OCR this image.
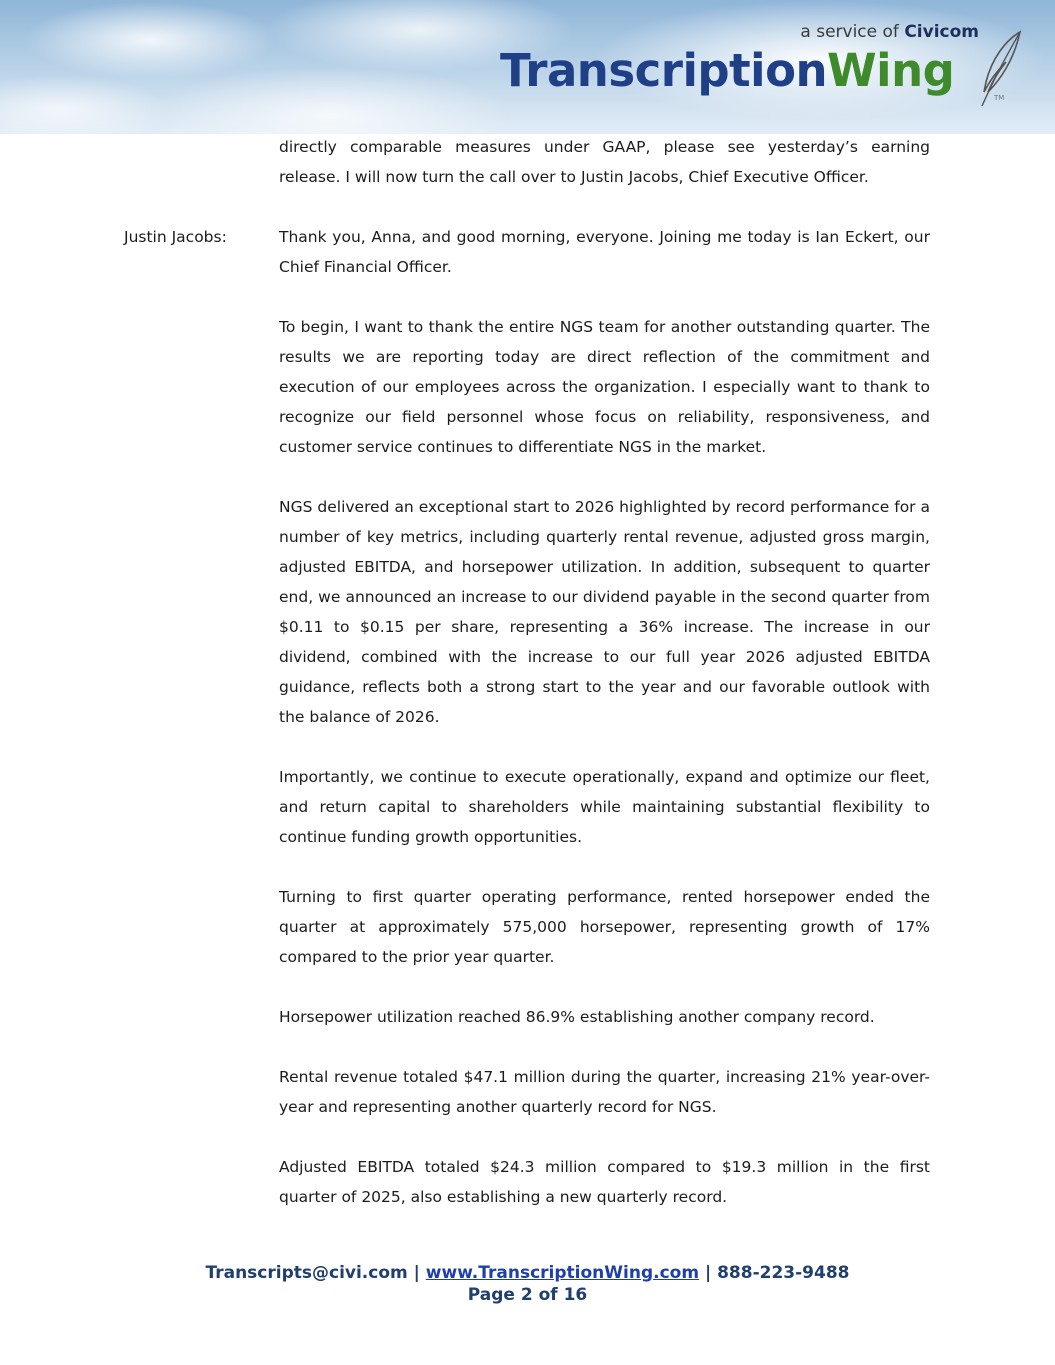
a service of Civicom
TranscriptionWing
TM
directly comparable measures under GAAP, please see yesterday’s earning release. I will now turn the call over to Justin Jacobs, Chief Executive Officer.
Justin Jacobs:	Thank you, Anna, and good morning, everyone. Joining me today is Ian Eckert, our Chief Financial Officer.
To begin, I want to thank the entire NGS team for another outstanding quarter. The results we are reporting today are direct reflection of the commitment and execution of our employees across the organization. I especially want to thank to recognize our field personnel whose focus on reliability, responsiveness, and customer service continues to differentiate NGS in the market.
NGS delivered an exceptional start to 2026 highlighted by record performance for a number of key metrics, including quarterly rental revenue, adjusted gross margin, adjusted EBITDA, and horsepower utilization. In addition, subsequent to quarter end, we announced an increase to our dividend payable in the second quarter from $0.11 to $0.15 per share, representing a 36% increase. The increase in our dividend, combined with the increase to our full year 2026 adjusted EBITDA guidance, reflects both a strong start to the year and our favorable outlook with the balance of 2026.
Importantly, we continue to execute operationally, expand and optimize our fleet, and return capital to shareholders while maintaining substantial flexibility to continue funding growth opportunities.
Turning to first quarter operating performance, rented horsepower ended the quarter at approximately 575,000 horsepower, representing growth of 17% compared to the prior year quarter.
Horsepower utilization reached 86.9% establishing another company record.
Rental revenue totaled $47.1 million during the quarter, increasing 21% year-over-year and representing another quarterly record for NGS.
Adjusted EBITDA totaled $24.3 million compared to $19.3 million in the first quarter of 2025, also establishing a new quarterly record.
Transcripts@civi.com | www.TranscriptionWing.com | 888-223-9488
Page 2 of 16
